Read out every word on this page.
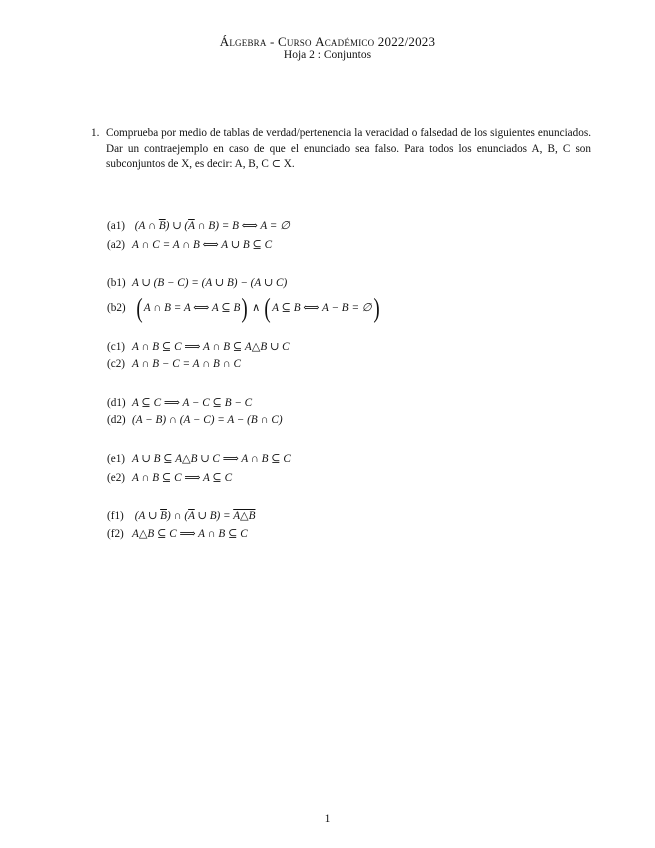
Álgebra - Curso Académico 2022/2023
Hoja 2 : Conjuntos
1. Comprueba por medio de tablas de verdad/pertenencia la veracidad o falsedad de los siguientes enunciados. Dar un contraejemplo en caso de que el enunciado sea falso. Para todos los enunciados A, B, C son subconjuntos de X, es decir: A, B, C ⊂ X.
(a1) (A ∩ $\overline{B}$) ∪ ($\overline{A}$ ∩ B) = B ⟺ A = ∅
(a2) A ∩ C = A ∩ B ⟺ A ∪ B ⊆ C
(b1) A ∪ (B − C) = (A ∪ B) − (A ∪ C)
(b2) (A ∩ B = A ⟺ A ⊆ B) ∧ (A ⊆ B ⟺ A − B = ∅)
(c1) A ∩ B ⊆ C ⟹ A ∩ B ⊆ A△B ∪ C
(c2) A ∩ B − C = A ∩ B ∩ C
(d1) A ⊆ C ⟹ A − C ⊆ B − C
(d2) (A − B) ∩ (A − C) = A − (B ∩ C)
(e1) A ∪ B ⊆ A△B ∪ C ⟹ A ∩ B ⊆ C
(e2) A ∩ B ⊆ C ⟹ A ⊆ C
(f1) (A ∪ $\overline{B}$) ∩ ($\overline{A}$ ∪ B) = A△B
(f2) A△B ⊆ C ⟹ A ∩ B ⊆ C
1
